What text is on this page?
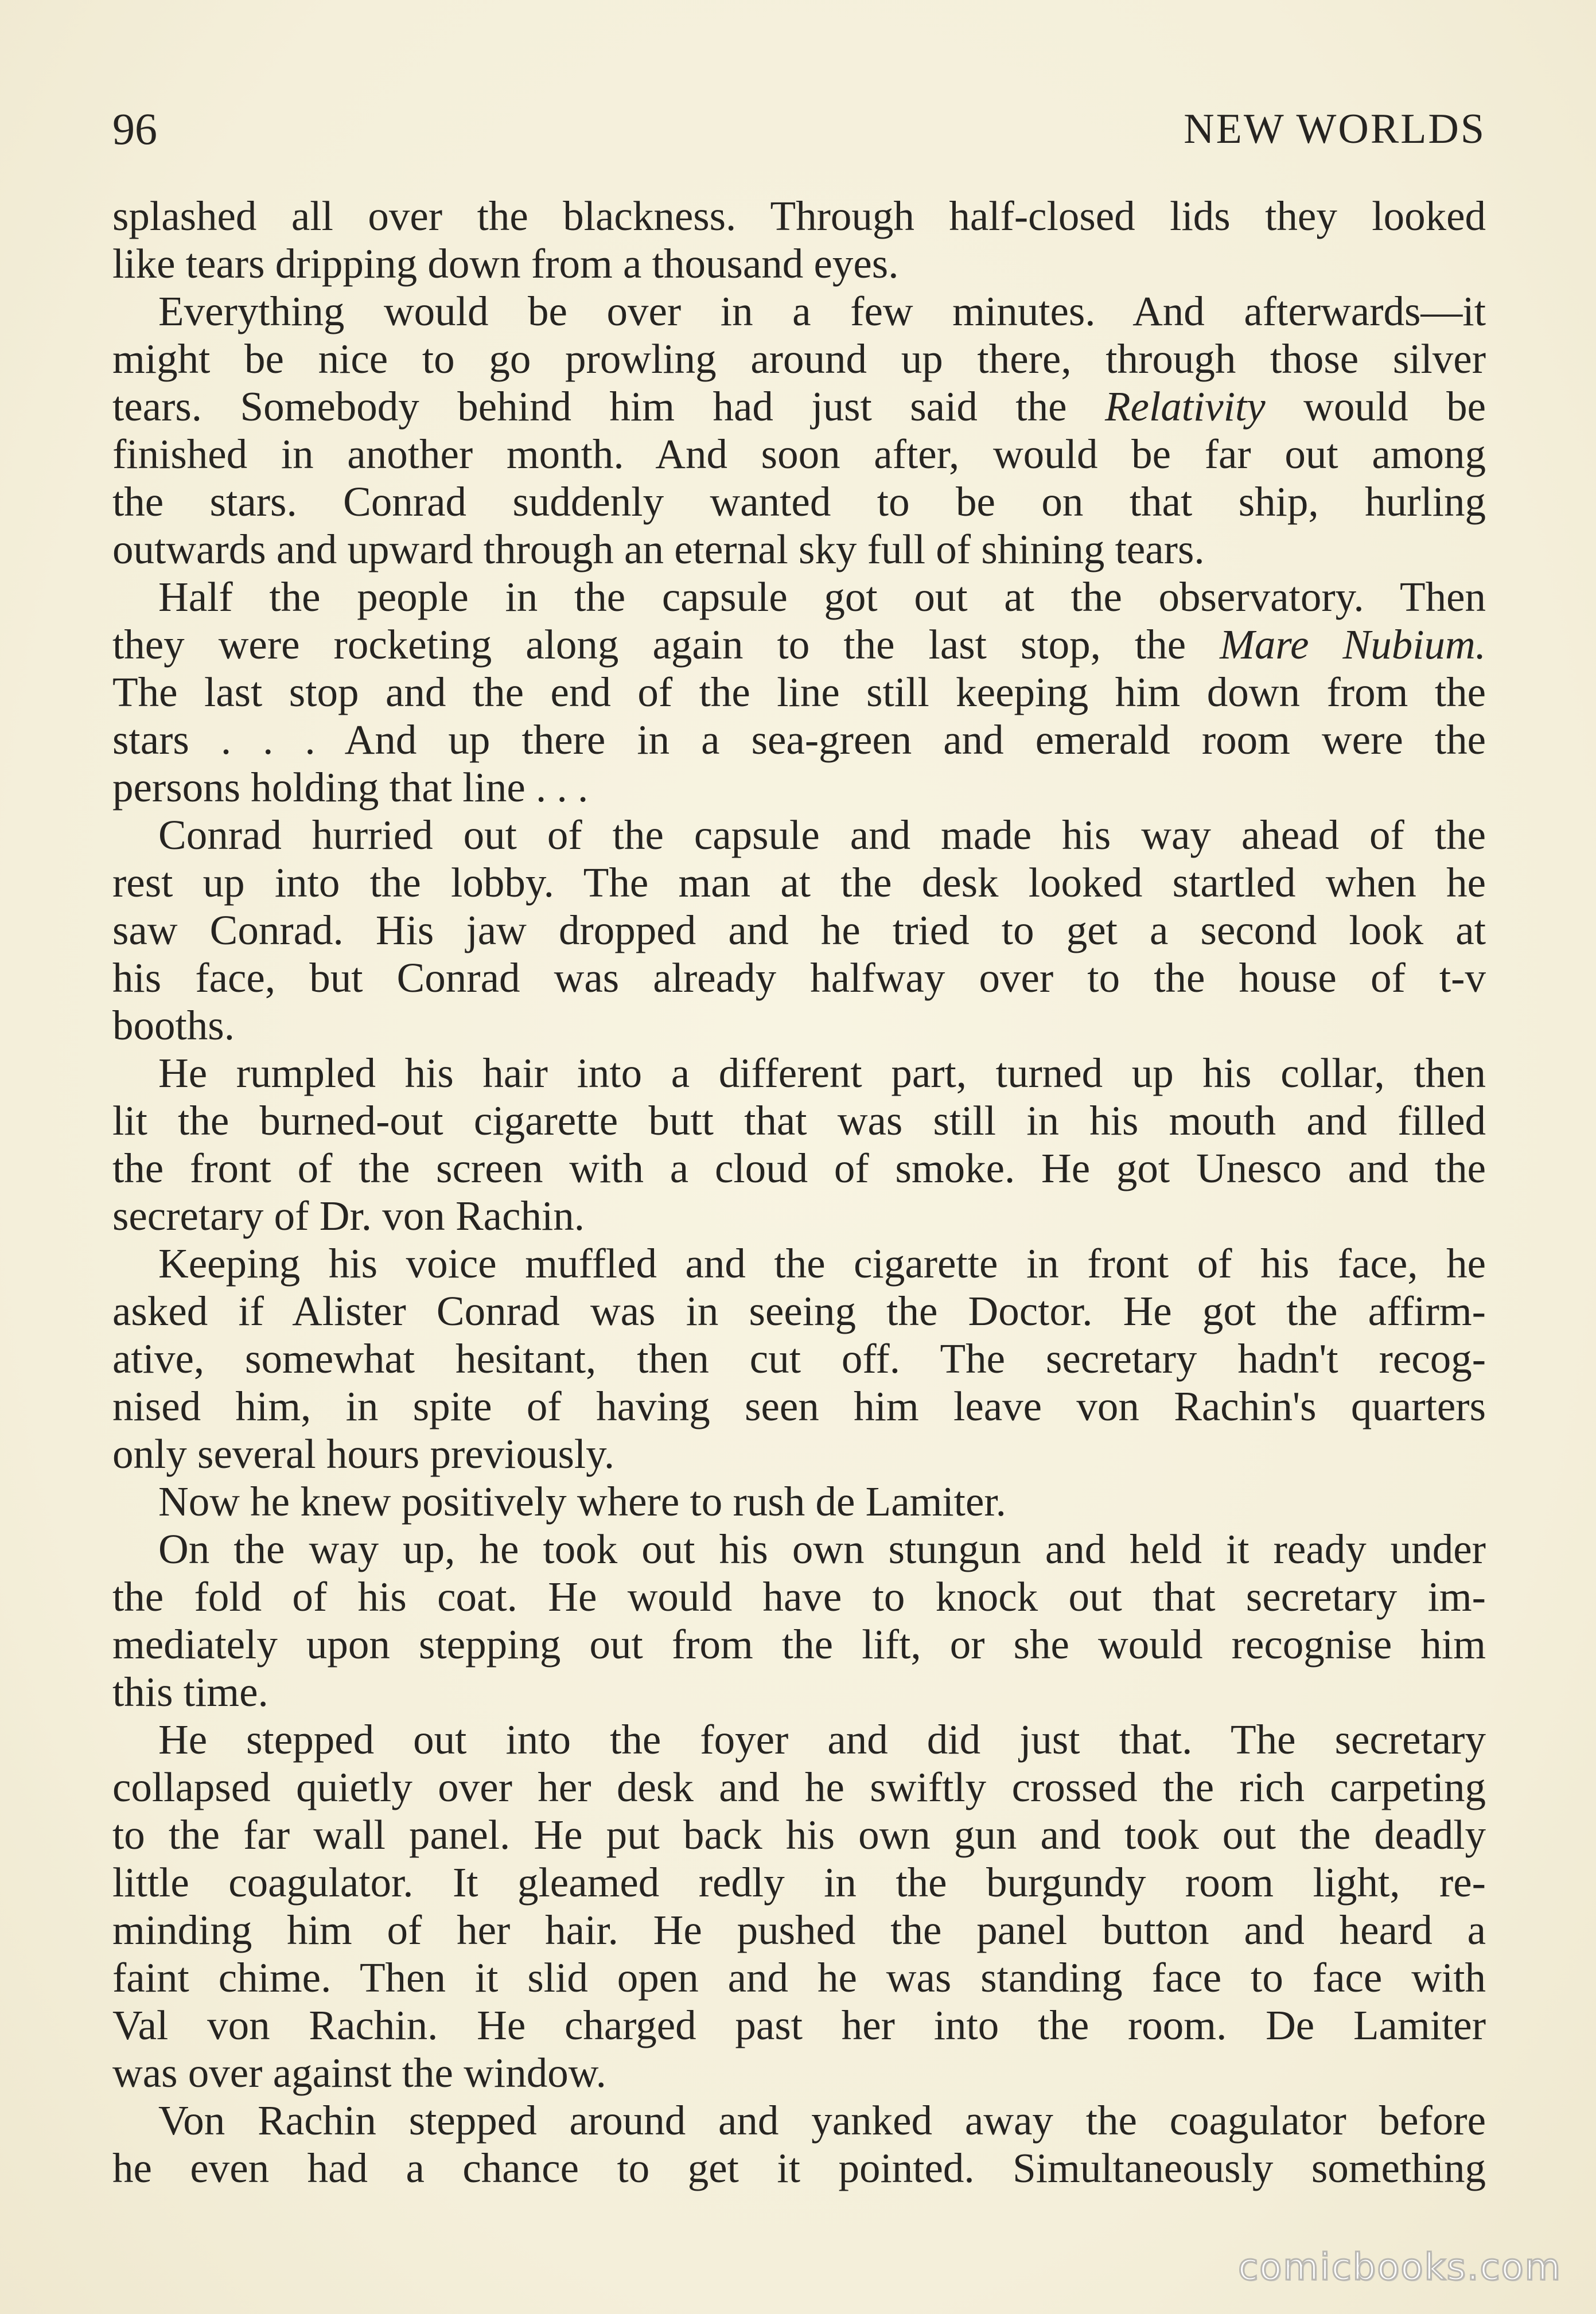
96	NEW WORLDS
splashed all over the blackness. Through half-closed lids they looked
like tears dripping down from a thousand eyes.
Everything would be over in a few minutes. And afterwards—it
might be nice to go prowling around up there, through those silver
tears. Somebody behind him had just said the Relativity would be
finished in another month. And soon after, would be far out among
the stars. Conrad suddenly wanted to be on that ship, hurling
outwards and upward through an eternal sky full of shining tears.
Half the people in the capsule got out at the observatory. Then
they were rocketing along again to the last stop, the Mare Nubium.
The last stop and the end of the line still keeping him down from the
stars . . . And up there in a sea-green and emerald room were the
persons holding that line . . .
Conrad hurried out of the capsule and made his way ahead of the
rest up into the lobby. The man at the desk looked startled when he
saw Conrad. His jaw dropped and he tried to get a second look at
his face, but Conrad was already halfway over to the house of t-v
booths.
He rumpled his hair into a different part, turned up his collar, then
lit the burned-out cigarette butt that was still in his mouth and filled
the front of the screen with a cloud of smoke. He got Unesco and the
secretary of Dr. von Rachin.
Keeping his voice muffled and the cigarette in front of his face, he
asked if Alister Conrad was in seeing the Doctor. He got the affirm-
ative, somewhat hesitant, then cut off. The secretary hadn't recog-
nised him, in spite of having seen him leave von Rachin's quarters
only several hours previously.
Now he knew positively where to rush de Lamiter.
On the way up, he took out his own stungun and held it ready under
the fold of his coat. He would have to knock out that secretary im-
mediately upon stepping out from the lift, or she would recognise him
this time.
He stepped out into the foyer and did just that. The secretary
collapsed quietly over her desk and he swiftly crossed the rich carpeting
to the far wall panel. He put back his own gun and took out the deadly
little coagulator. It gleamed redly in the burgundy room light, re-
minding him of her hair. He pushed the panel button and heard a
faint chime. Then it slid open and he was standing face to face with
Val von Rachin. He charged past her into the room. De Lamiter
was over against the window.
Von Rachin stepped around and yanked away the coagulator before
he even had a chance to get it pointed. Simultaneously something
comicbooks.com
